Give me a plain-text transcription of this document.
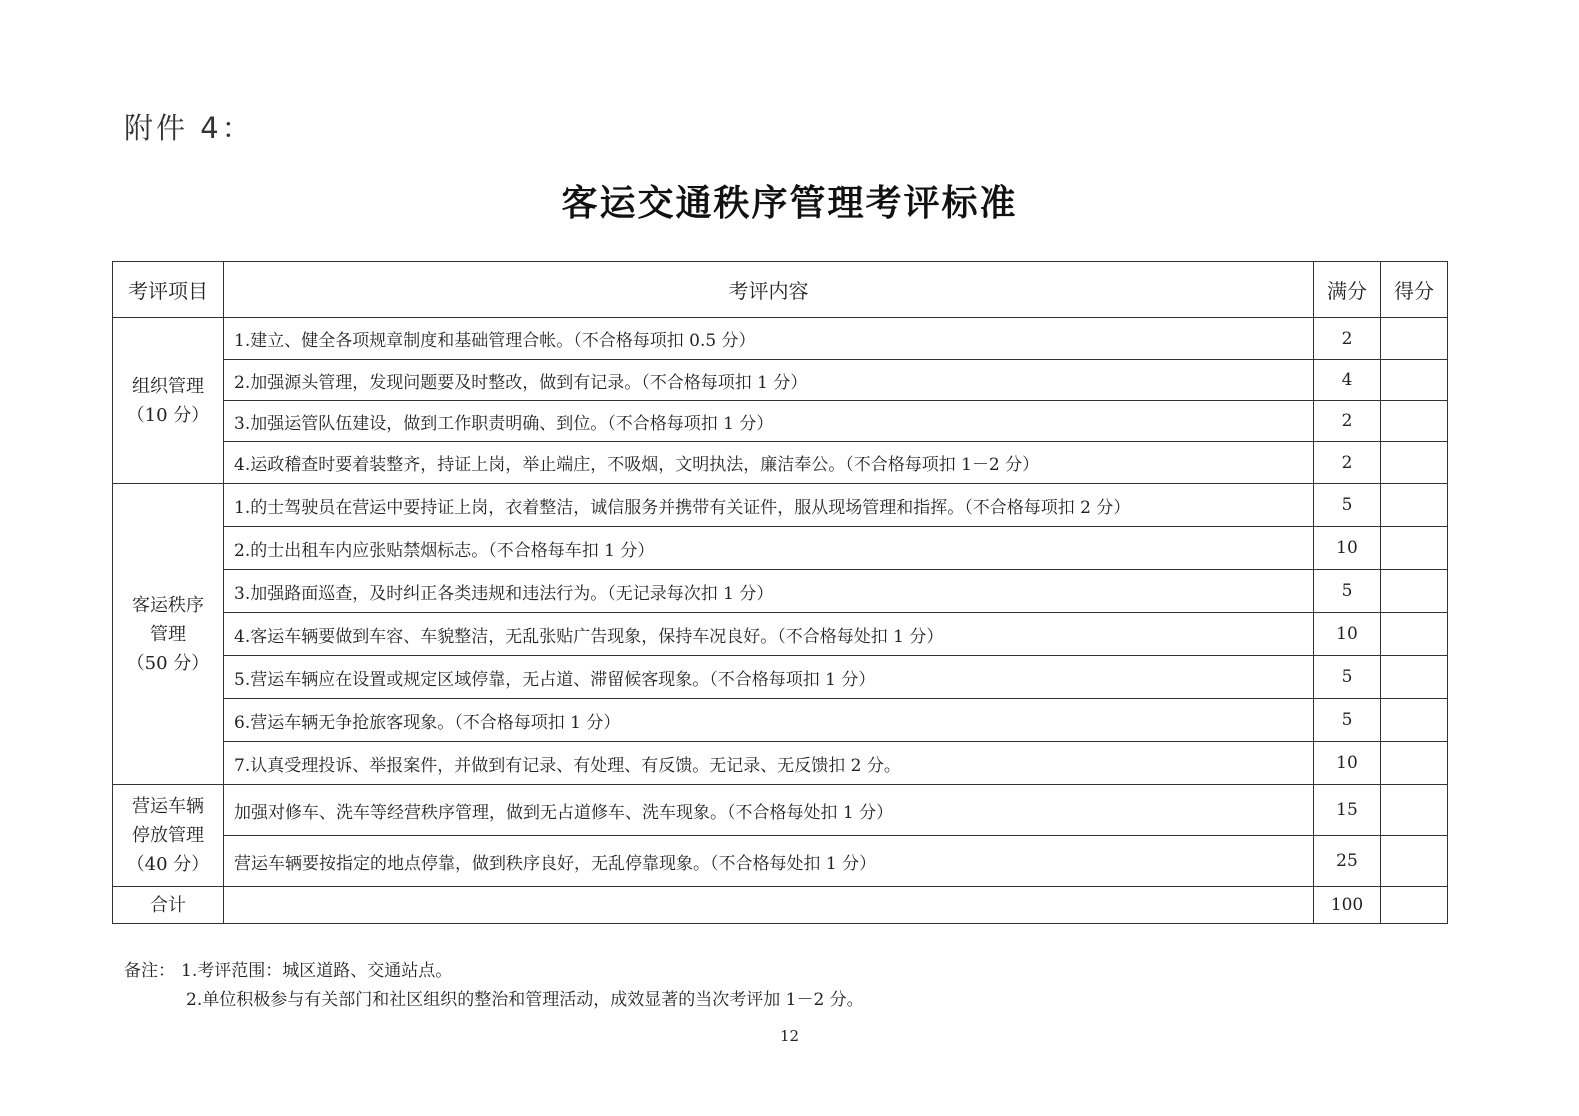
附件 4：
客运交通秩序管理考评标准
考评项目	考评内容	满分	得分

组织管理
（10 分）	1.建立、健全各项规章制度和基础管理合帐。（不合格每项扣 0.5 分）	2	
	2.加强源头管理，发现问题要及时整改，做到有记录。（不合格每项扣 1 分）	4	
	3.加强运管队伍建设，做到工作职责明确、到位。（不合格每项扣 1 分）	2	
	4.运政稽查时要着装整齐，持证上岗，举止端庄，不吸烟，文明执法，廉洁奉公。（不合格每项扣 1－2 分）	2	

客运秩序
管理
（50 分）	1.的士驾驶员在营运中要持证上岗，衣着整洁，诚信服务并携带有关证件，服从现场管理和指挥。（不合格每项扣 2 分）	5	
	2.的士出租车内应张贴禁烟标志。（不合格每车扣 1 分）	10	
	3.加强路面巡查，及时纠正各类违规和违法行为。（无记录每次扣 1 分）	5	
	4.客运车辆要做到车容、车貌整洁，无乱张贴广告现象，保持车况良好。（不合格每处扣 1 分）	10	
	5.营运车辆应在设置或规定区域停靠，无占道、滞留候客现象。（不合格每项扣 1 分）	5	
	6.营运车辆无争抢旅客现象。（不合格每项扣 1 分）	5	
	7.认真受理投诉、举报案件，并做到有记录、有处理、有反馈。无记录、无反馈扣 2 分。	10	

营运车辆
停放管理
（40 分）	加强对修车、洗车等经营秩序管理，做到无占道修车、洗车现象。（不合格每处扣 1 分）	15	
	营运车辆要按指定的地点停靠，做到秩序良好，无乱停靠现象。（不合格每处扣 1 分）	25	
合计		100	
备注： 1.考评范围：城区道路、交通站点。
2.单位积极参与有关部门和社区组织的整治和管理活动，成效显著的当次考评加 1－2 分。
12
